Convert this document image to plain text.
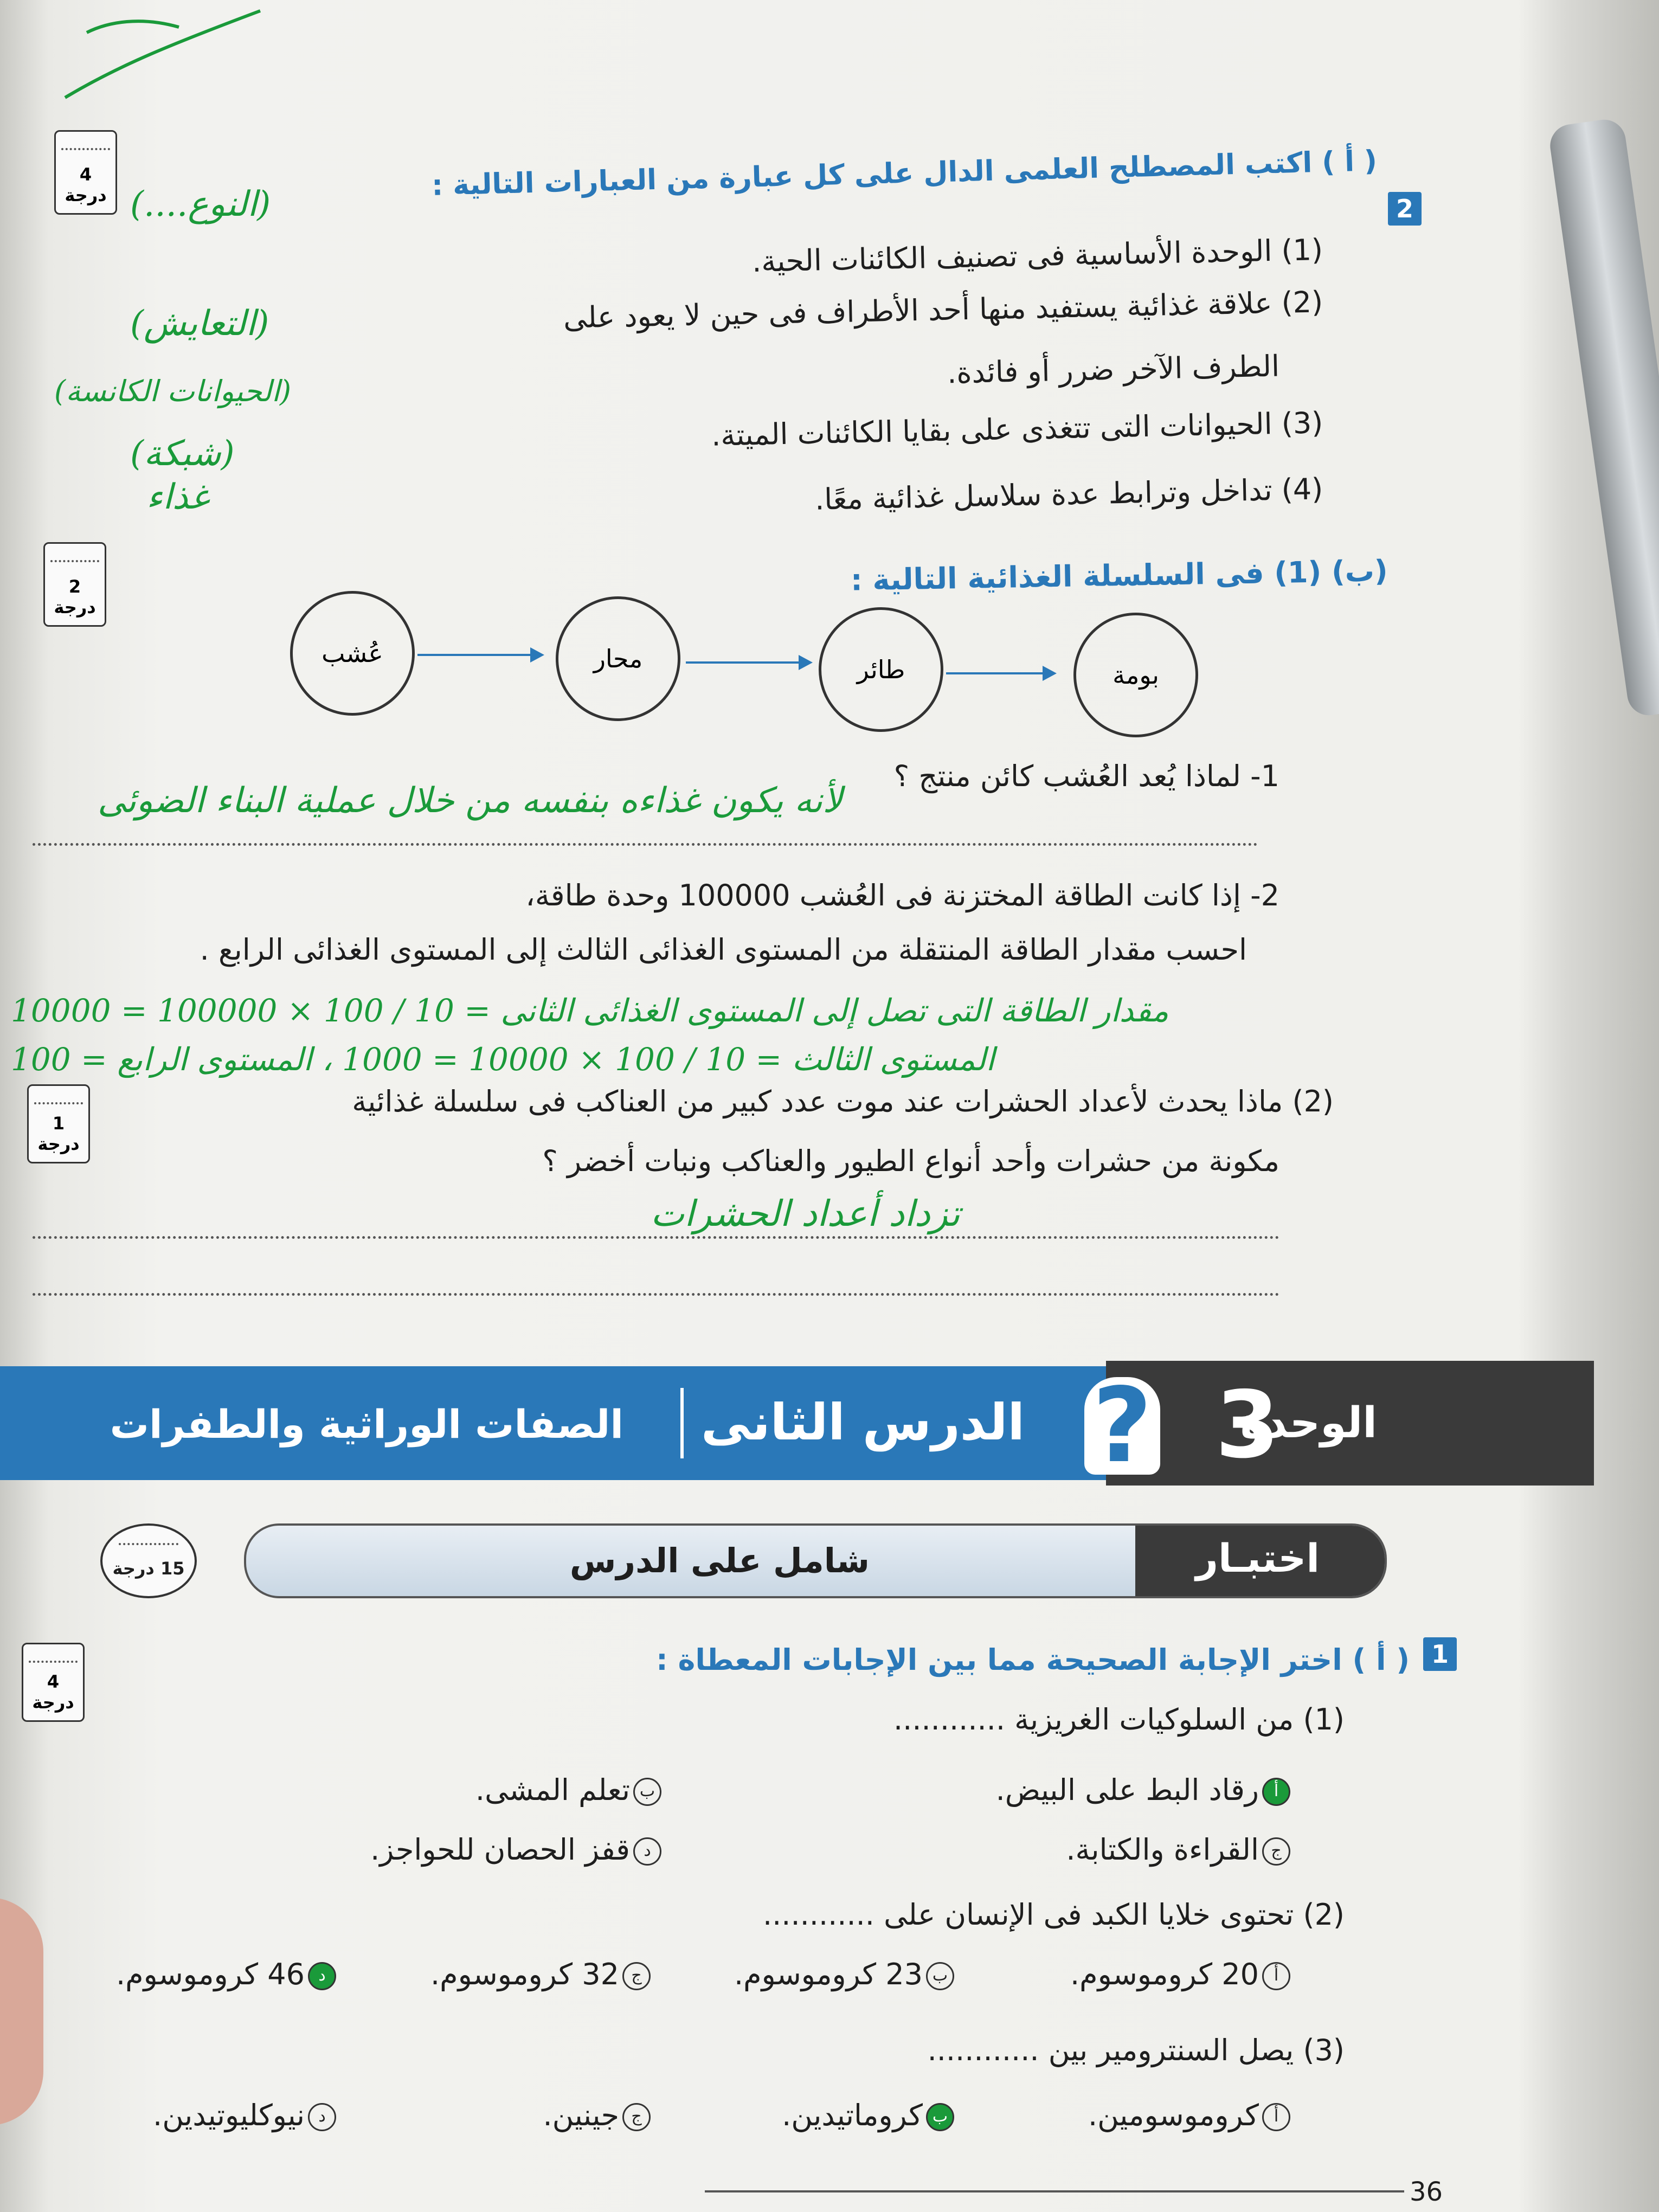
2
( أ ) اكتب المصطلح العلمى الدال على كل عبارة من العبارات التالية :
4 درجة
(1) الوحدة الأساسية فى تصنيف الكائنات الحية.
(2) علاقة غذائية يستفيد منها أحد الأطراف فى حين لا يعود على
الطرف الآخر ضرر أو فائدة.
(3) الحيوانات التى تتغذى على بقايا الكائنات الميتة.
(4) تداخل وترابط عدة سلاسل غذائية معًا.
(النوع....)
(التعايش)
(الحيوانات الكانسة)
(شبكة)
غذاء
2 درجة
(ب) (1) فى السلسلة الغذائية التالية :
عُشب	محار	طائر	بومة
1- لماذا يُعد العُشب كائن منتج ؟
لأنه يكون غذاءه بنفسه من خلال عملية البناء الضوئى
2- إذا كانت الطاقة المختزنة فى العُشب 100000 وحدة طاقة،
احسب مقدار الطاقة المنتقلة من المستوى الغذائى الثالث إلى المستوى الغذائى الرابع .
مقدار الطاقة التى تصل إلى المستوى الغذائى الثانى = 10 / 100 × 100000 = 10000
المستوى الثالث = 10 / 100 × 10000 = 1000 ، المستوى الرابع = 100
1 درجة
(2) ماذا يحدث لأعداد الحشرات عند موت عدد كبير من العناكب فى سلسلة غذائية
مكونة من حشرات وأحد أنواع الطيور والعناكب ونبات أخضر ؟
تزداد أعداد الحشرات
? الوحدة
3
الدرس الثانى
الصفات الوراثية والطفرات
اختبـار
شامل على الدرس
15 درجة
1
( أ ) اختر الإجابة الصحيحة مما بين الإجابات المعطاة :
4 درجة	(1) من السلوكيات الغريزية ............
أرقاد البط على البيض.
بتعلم المشى.
جالقراءة والكتابة.
دقفز الحصان للحواجز.
(2) تحتوى خلايا الكبد فى الإنسان على ............
أ20 كروموسوم.
ب23 كروموسوم.
ج32 كروموسوم.
د46 كروموسوم.
(3) يصل السنترومير بين ............
أكروموسومين.
بكروماتيدين.
ججينين.
دنيوكليوتيدين.
36
